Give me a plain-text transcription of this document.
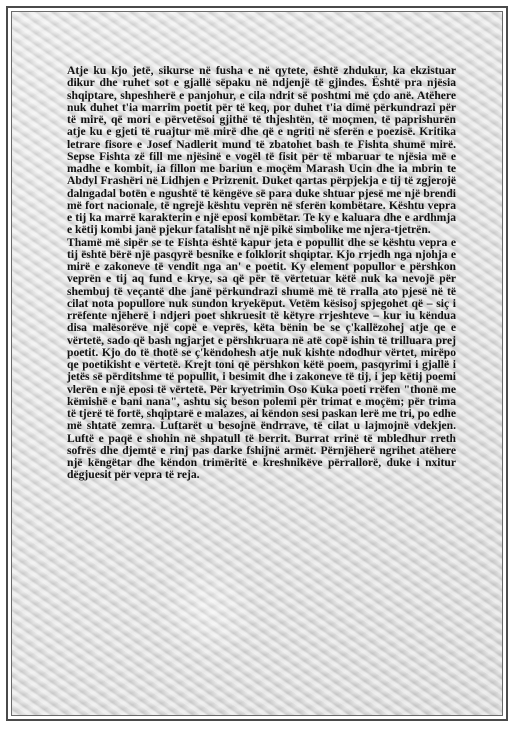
Atje ku kjo jetë, sikurse në fusha e në qytete, është zhdukur, ka ekzistuar dikur dhe ruhet sot e gjallë sëpaku në ndjenjë të gjindes. Është pra njësia shqiptare, shpeshherë e panjohur, e cila ndrit së poshtmi më çdo anë. Atëhere nuk duhet t'ia marrim poetit për të keq, por duhet t'ia dimë përkundrazi për të mirë, që mori e përvetësoi gjithë të thjeshtën, të moçmen, të paprishurën atje ku e gjeti të ruajtur më mirë dhe që e ngriti në sferën e poezisë. Kritika letrare fisore e Josef Nadlerit mund të zbatohet bash te Fishta shumë mirë. Sepse Fishta zë fill me njësinë e vogël të fisit për të mbaruar te njësia më e madhe e kombit, ia fillon me bariun e moçëm Marash Ucin dhe ia mbrin te Abdyl Frashëri në Lidhjen e Prizrenit. Duket qartas përpjekja e tij të zgjerojë dalngadal botën e ngushtë të këngëve së para duke shtuar pjesë me një brendi më fort nacionale, të ngrejë kështu veprën në sferën kombëtare. Kështu vepra e tij ka marrë karakterin e një eposi kombëtar. Te ky e kaluara dhe e ardhmja e këtij kombi janë pjekur fatalisht në një pikë simbolike me njera-tjetrën.

Thamë më sipër se te Fishta është kapur jeta e popullit dhe se kështu vepra e tij është bërë një pasqyrë besnike e folklorit shqiptar. Kjo rrjedh nga njohja e mirë e zakoneve të vendit nga an' e poetit. Ky element popullor e përshkon veprën e tij aq fund e krye, sa që për të vërtetuar këtë nuk ka nevojë për shembuj të veçantë dhe janë përkundrazi shumë më të rralla ato pjesë në të cilat nota popullore nuk sundon kryekëput. Vetëm kësisoj spjegohet që – siç i rrëfente njëherë i ndjeri poet shkruesit të këtyre rrjeshteve – kur iu këndua disa malësorëve një copë e veprës, këta bënin be se ç'kallëzohej atje qe e vërtetë, sado që bash ngjarjet e përshkruara në atë copë ishin të trilluara prej poetit. Kjo do të thotë se ç'këndohesh atje nuk kishte ndodhur vërtet, mirëpo qe poetikisht e vërtetë. Krejt toni që përshkon këtë poem, pasqyrimi i gjallë i jetës së përditshme të popullit, i besimit dhe i zakoneve të tij, i jep këtij poemi vlerën e një eposi të vërtetë. Për kryetrimin Oso Kuka poeti rrëfen "thonë me këmishë e bani nana", ashtu siç beson polemi për trimat e moçëm; për trima të tjerë të fortë, shqiptarë e malazes, ai këndon sesi paskan lerë me tri, po edhe më shtatë zemra. Luftarët u besojnë ëndrrave, të cilat u lajmojnë vdekjen. Luftë e paqë e shohin në shpatull të berrit. Burrat rrinë të mbledhur rreth sofrës dhe djemtë e rinj pas darke fshijnë armët. Përnjëherë ngrihet atëhere një këngëtar dhe këndon trimëritë e kreshnikëve përrallorë, duke i nxitur dëgjuesit për vepra të reja.
